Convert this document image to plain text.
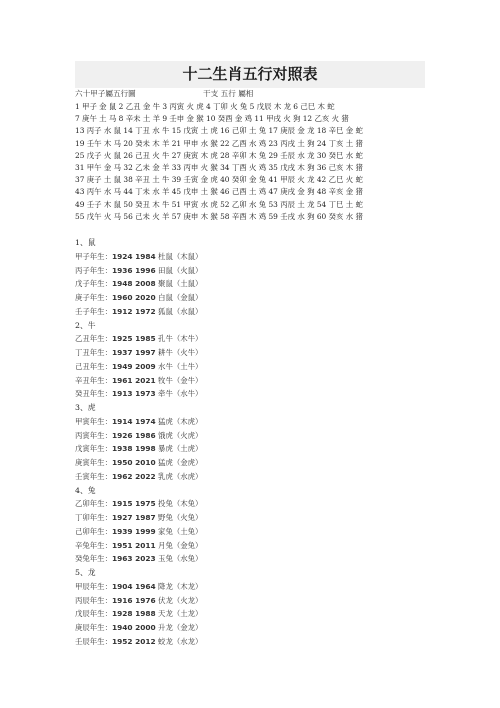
十二生肖五行对照表
六十甲子屬五行圖	干支 五行 屬相
1 甲子 金 鼠 2 乙丑 金 牛 3 丙寅 火 虎 4 丁卯 火 兔 5 戊辰 木 龙 6 己巳 木 蛇
7 庚午 土 马 8 辛未 土 羊 9 壬申 金 猴 10 癸酉 金 鸡 11 甲戌 火 狗 12 乙亥 火 猪
13 丙子 水 鼠 14 丁丑 水 牛 15 戊寅 土 虎 16 己卯 土 兔 17 庚辰 金 龙 18 辛巳 金 蛇
19 壬午 木 马 20 癸未 木 羊 21 甲申 水 猴 22 乙酉 水 鸡 23 丙戌 土 狗 24 丁亥 土 猪
25 戊子 火 鼠 26 己丑 火 牛 27 庚寅 木 虎 28 辛卯 木 兔 29 壬辰 水 龙 30 癸巳 水 蛇
31 甲午 金 马 32 乙未 金 羊 33 丙申 火 猴 34 丁酉 火 鸡 35 戊戌 木 狗 36 己亥 木 猪
37 庚子 土 鼠 38 辛丑 土 牛 39 壬寅 金 虎 40 癸卯 金 兔 41 甲辰 火 龙 42 乙巳 火 蛇
43 丙午 水 马 44 丁未 水 羊 45 戊申 土 猴 46 己酉 土 鸡 47 庚戌 金 狗 48 辛亥 金 猪
49 壬子 木 鼠 50 癸丑 木 牛 51 甲寅 水 虎 52 乙卯 水 兔 53 丙辰 土 龙 54 丁巳 土 蛇
55 戊午 火 马 56 己未 火 羊 57 庚申 木 猴 58 辛酉 木 鸡 59 壬戌 水 狗 60 癸亥 水 猪
1、鼠
甲子年生：1924 1984 杜鼠（木鼠）
丙子年生：1936 1996 田鼠（火鼠）
戊子年生：1948 2008 聚鼠（土鼠）
庚子年生：1960 2020 白鼠（金鼠）
壬子年生：1912 1972 狐鼠（水鼠）
2、牛
乙丑年生：1925 1985 孔牛（木牛）
丁丑年生：1937 1997 耕牛（火牛）
己丑年生：1949 2009 水牛（土牛）
辛丑年生：1961 2021 牧牛（金牛）
癸丑年生：1913 1973 牵牛（水牛）
3、虎
甲寅年生：1914 1974 猛虎（木虎）
丙寅年生：1926 1986 饿虎（火虎）
戊寅年生：1938 1998 暴虎（土虎）
庚寅年生：1950 2010 猛虎（金虎）
壬寅年生：1962 2022 乳虎（水虎）
4、兔
乙卯年生：1915 1975 投兔（木兔）
丁卯年生：1927 1987 野兔（火兔）
己卯年生：1939 1999 家兔（土兔）
辛兔年生：1951 2011 月兔（金兔）
癸兔年生：1963 2023 玉兔（水兔）
5、龙
甲辰年生：1904 1964 降龙（木龙）
丙辰年生：1916 1976 伏龙（火龙）
戊辰年生：1928 1988 天龙（土龙）
庚辰年生：1940 2000 升龙（金龙）
壬辰年生：1952 2012 蛟龙（水龙）
